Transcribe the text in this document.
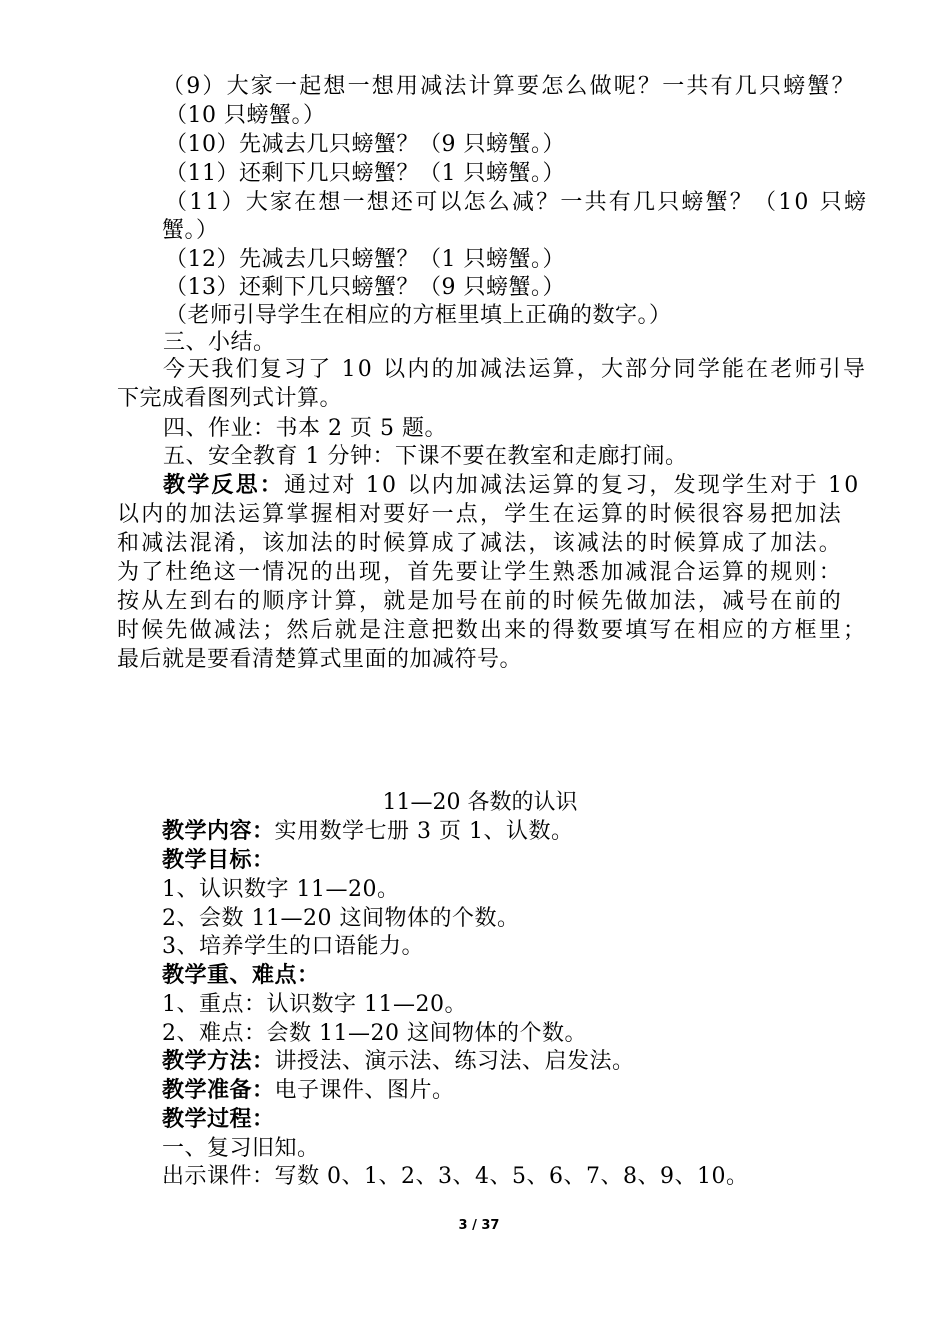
（9）大家一起想一想用减法计算要怎么做呢？一共有几只螃蟹？
（10 只螃蟹。）
（10）先减去几只螃蟹？（9 只螃蟹。）
（11）还剩下几只螃蟹？（1 只螃蟹。）
（11）大家在想一想还可以怎么减？一共有几只螃蟹？（10 只螃
蟹。）
（12）先减去几只螃蟹？（1 只螃蟹。）
（13）还剩下几只螃蟹？（9 只螃蟹。）
（老师引导学生在相应的方框里填上正确的数字。）
三、小结。
今天我们复习了 10 以内的加减法运算，大部分同学能在老师引导
下完成看图列式计算。
四、作业：书本 2 页 5 题。
五、安全教育 1 分钟：下课不要在教室和走廊打闹。
教学反思：通过对 10 以内加减法运算的复习，发现学生对于 10
以内的加法运算掌握相对要好一点，学生在运算的时候很容易把加法
和减法混淆，该加法的时候算成了减法，该减法的时候算成了加法。
为了杜绝这一情况的出现，首先要让学生熟悉加减混合运算的规则：
按从左到右的顺序计算，就是加号在前的时候先做加法，减号在前的
时候先做减法；然后就是注意把数出来的得数要填写在相应的方框里；
最后就是要看清楚算式里面的加减符号。
11—20 各数的认识
教学内容：实用数学七册 3 页 1、认数。
教学目标：
1、认识数字 11—20。
2、会数 11—20 这间物体的个数。
3、培养学生的口语能力。
教学重、难点：
1、重点：认识数字 11—20。
2、难点：会数 11—20 这间物体的个数。
教学方法：讲授法、演示法、练习法、启发法。
教学准备：电子课件、图片。
教学过程：
一、复习旧知。
出示课件：写数 0、1、2、3、4、5、6、7、8、9、10。
3 / 37
